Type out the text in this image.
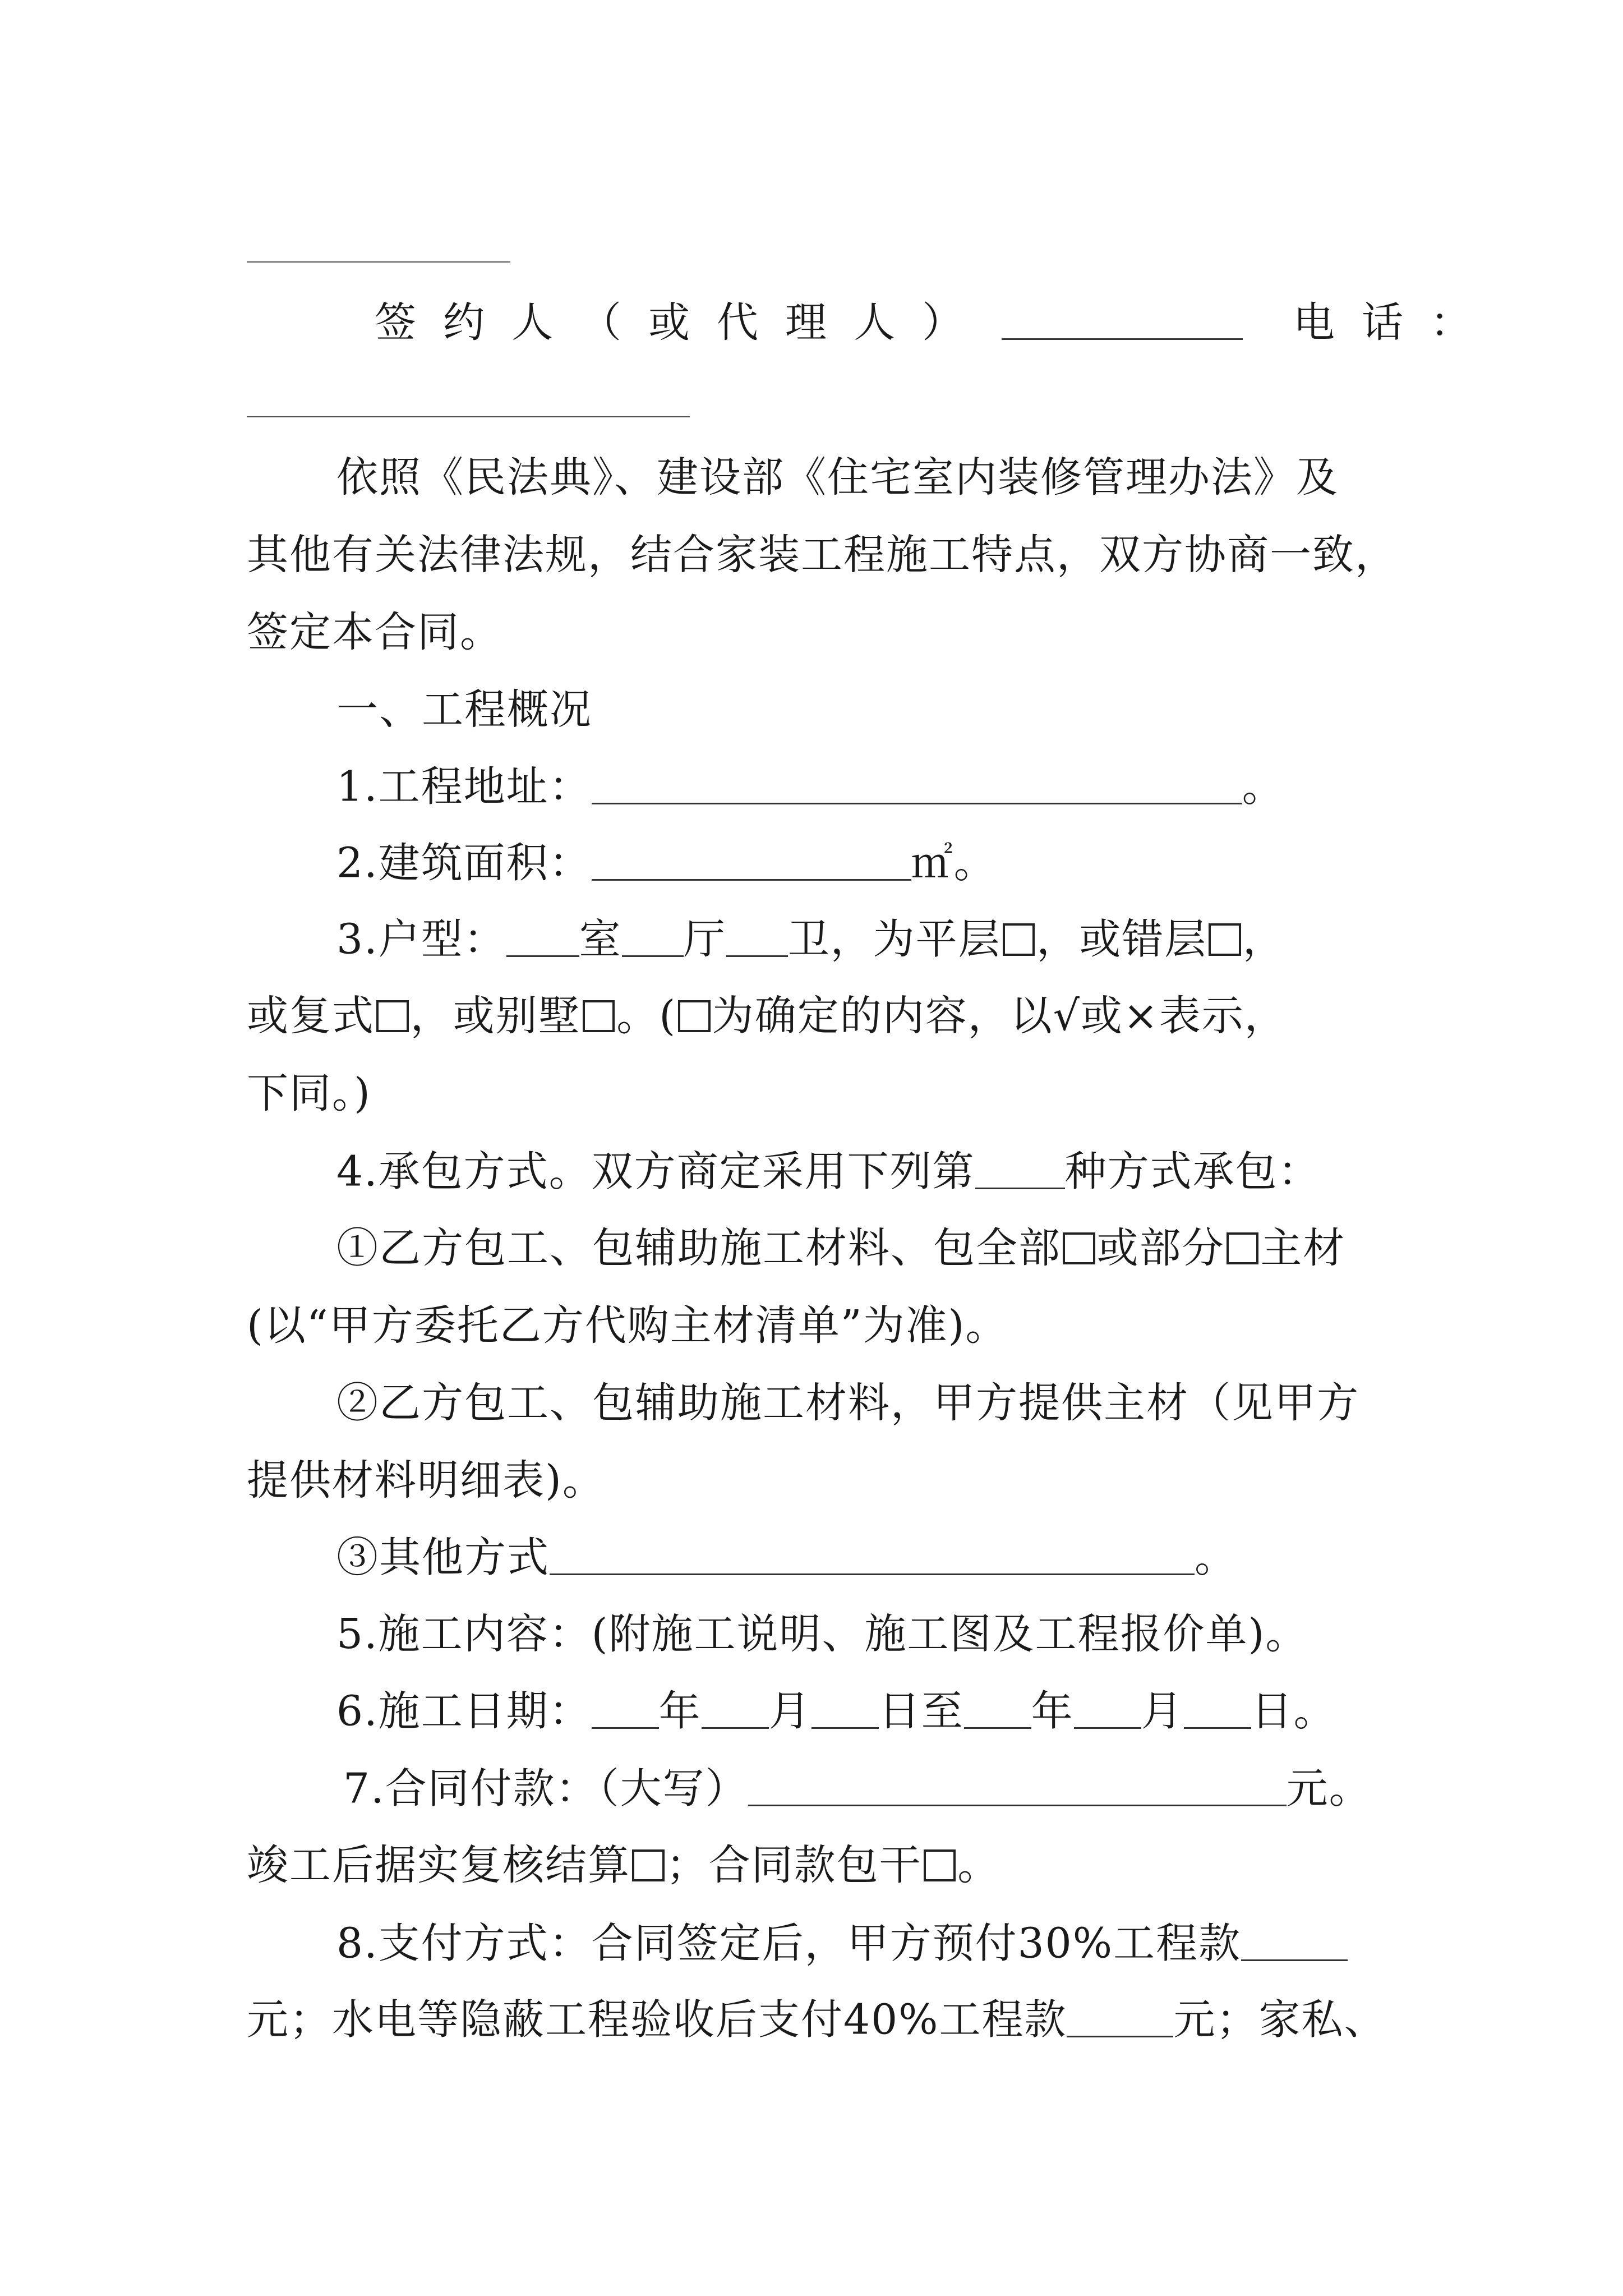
签约人（或代理人）	电话：
依照《民法典》、建设部《住宅室内装修管理办法》及
其他有关法律法规，结合家装工程施工特点，双方协商一致，
签定本合同。
一、工程概况
1.工程地址：	。
2.建筑面积：	㎡。
3.户型： 室 厅 卫，为平层 ，或错层 ，
或复式 ，或别墅 。( 为确定的内容，以√或×表示，
下同。)
4.承包方式。双方商定采用下列第 种方式承包：
①乙方包工、包辅助施工材料、包全部 或部分 主材
(以“甲方委托乙方代购主材清单”为准)。
②乙方包工、包辅助施工材料，甲方提供主材（见甲方
提供材料明细表)。
③其他方式	。
5.施工内容：(附施工说明、施工图及工程报价单)。
6.施工日期： 年 月 日至 年 月 日。
7.合同付款：（大写）	元。
竣工后据实复核结算 ；合同款包干 。
8.支付方式：合同签定后，甲方预付30%工程款
元；水电等隐蔽工程验收后支付40%工程款	元；家私、
